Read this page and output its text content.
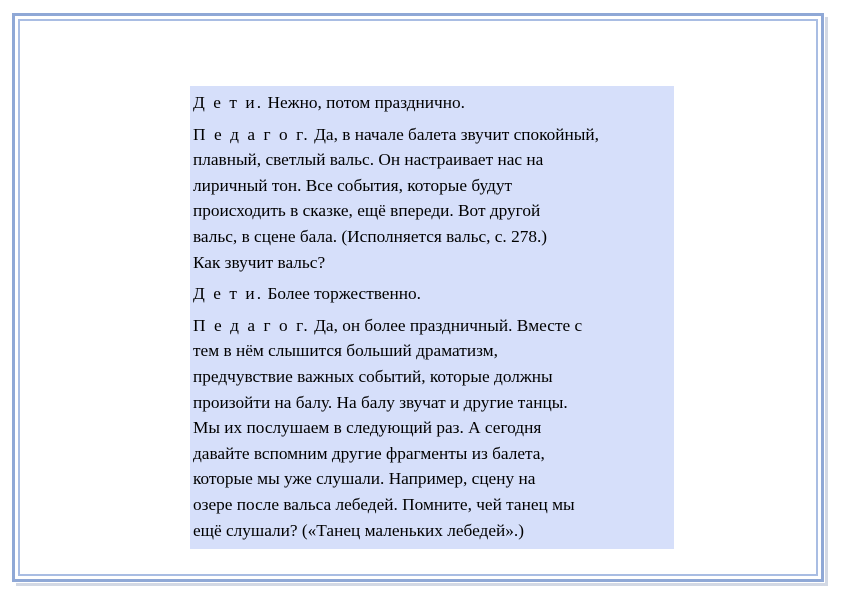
Д е т и. Нежно, потом празднично.
П е д а г о г. Да, в начале балета звучит спокойный,
плавный, светлый вальс. Он настраивает нас на
лиричный тон. Все события, которые будут
происходить в сказке, ещё впереди. Вот другой
вальс, в сцене бала. (Исполняется вальс, с. 278.)
Как звучит вальс?
Д е т и. Более торжественно.
П е д а г о г. Да, он более праздничный. Вместе с
тем в нём слышится больший драматизм,
предчувствие важных событий, которые должны
произойти на балу. На балу звучат и другие танцы.
Мы их послушаем в следующий раз. А сегодня
давайте вспомним другие фрагменты из балета,
которые мы уже слушали. Например, сцену на
озере после вальса лебедей. Помните, чей танец мы
ещё слушали? («Танец маленьких лебедей».)
